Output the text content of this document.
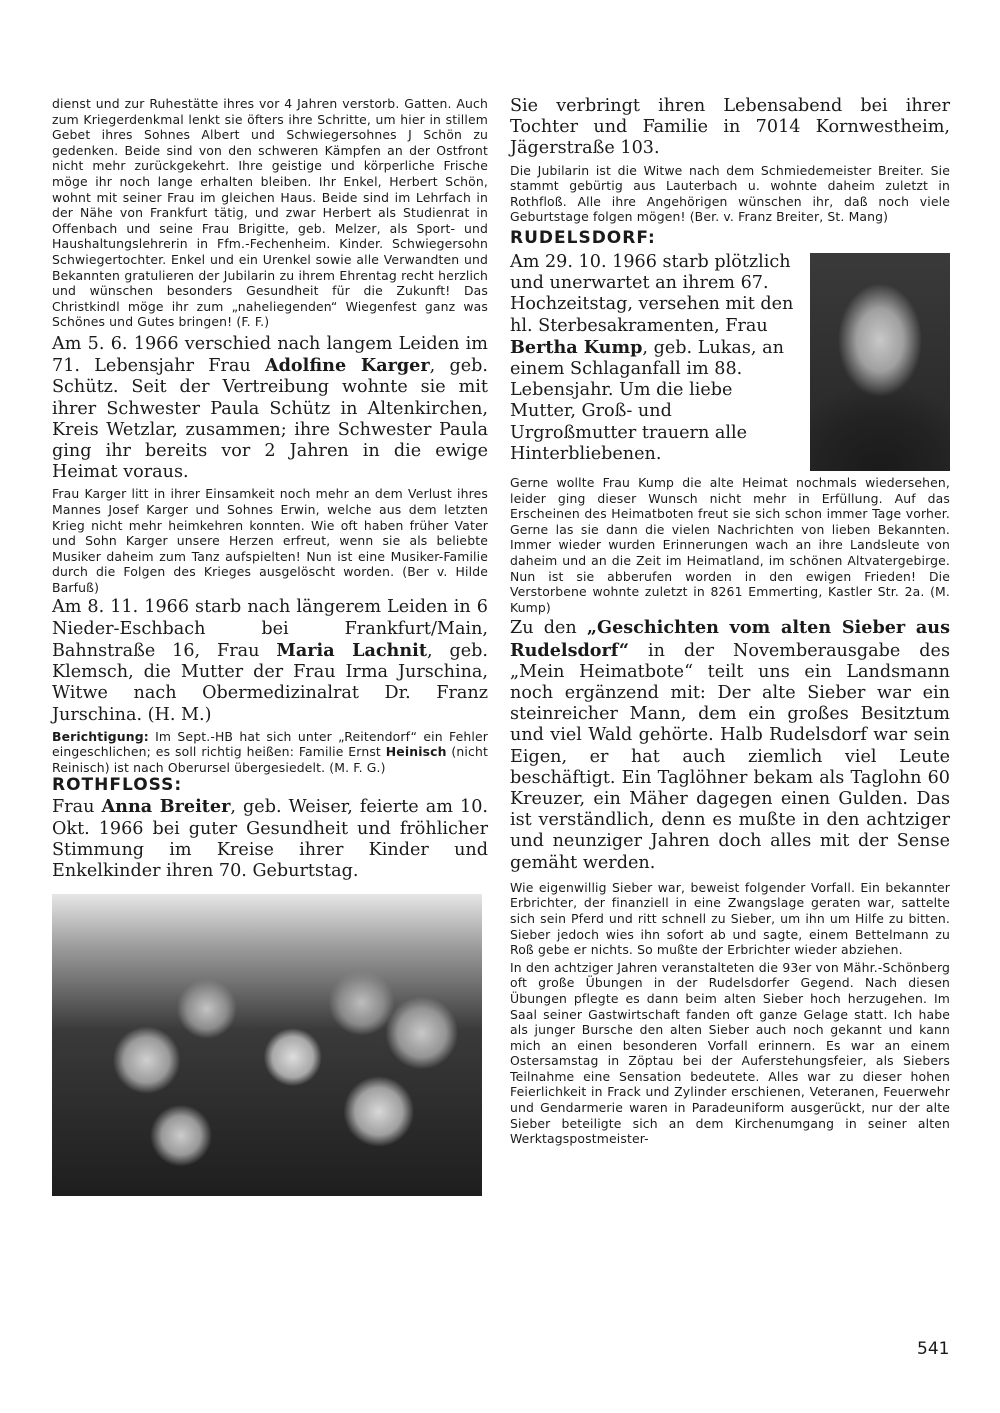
dienst und zur Ruhestätte ihres vor 4 Jahren verstorb. Gatten. Auch zum Kriegerdenkmal lenkt sie öfters ihre Schritte, um hier in stillem Gebet ihres Sohnes Albert und Schwiegersohnes J Schön zu gedenken. Beide sind von den schweren Kämpfen an der Ostfront nicht mehr zurückgekehrt. Ihre geistige und körperliche Frische möge ihr noch lange erhalten bleiben. Ihr Enkel, Herbert Schön, wohnt mit seiner Frau im gleichen Haus. Beide sind im Lehrfach in der Nähe von Frankfurt tätig, und zwar Herbert als Studienrat in Offenbach und seine Frau Brigitte, geb. Melzer, als Sport- und Haushaltungslehrerin in Ffm.-Fechenheim. Kinder. Schwiegersohn Schwiegertochter. Enkel und ein Urenkel sowie alle Verwandten und Bekannten gratulieren der Jubilarin zu ihrem Ehrentag recht herzlich und wünschen besonders Gesundheit für die Zukunft! Das Christkindl möge ihr zum „naheliegenden“ Wiegenfest ganz was Schönes und Gutes bringen! (F. F.)

Am 5. 6. 1966 verschied nach langem Leiden im 71. Lebensjahr Frau Adolfine Karger, geb. Schütz. Seit der Vertreibung wohnte sie mit ihrer Schwester Paula Schütz in Altenkirchen, Kreis Wetzlar, zusammen; ihre Schwester Paula ging ihr bereits vor 2 Jahren in die ewige Heimat voraus.

Frau Karger litt in ihrer Einsamkeit noch mehr an dem Verlust ihres Mannes Josef Karger und Sohnes Erwin, welche aus dem letzten Krieg nicht mehr heimkehren konnten. Wie oft haben früher Vater und Sohn Karger unsere Herzen erfreut, wenn sie als beliebte Musiker daheim zum Tanz aufspielten! Nun ist eine Musiker-Familie durch die Folgen des Krieges ausgelöscht worden. (Ber v. Hilde Barfuß)

Am 8. 11. 1966 starb nach längerem Leiden in 6 Nieder-Eschbach bei Frankfurt/Main, Bahnstraße 16, Frau Maria Lachnit, geb. Klemsch, die Mutter der Frau Irma Jurschina, Witwe nach Obermedizinalrat Dr. Franz Jurschina. (H. M.)

Berichtigung: Im Sept.-HB hat sich unter „Reitendorf“ ein Fehler eingeschlichen; es soll richtig heißen: Familie Ernst Heinisch (nicht Reinisch) ist nach Oberursel übergesiedelt. (M. F. G.)

ROTHFLOSS:

Frau Anna Breiter, geb. Weiser, feierte am 10. Okt. 1966 bei guter Gesundheit und fröhlicher Stimmung im Kreise ihrer Kinder und Enkelkinder ihren 70. Geburtstag.

Sie verbringt ihren Lebensabend bei ihrer Tochter und Familie in 7014 Kornwestheim, Jägerstraße 103.

Die Jubilarin ist die Witwe nach dem Schmiedemeister Breiter. Sie stammt gebürtig aus Lauterbach u. wohnte daheim zuletzt in Rothfloß. Alle ihre Angehörigen wünschen ihr, daß noch viele Geburtstage folgen mögen! (Ber. v. Franz Breiter, St. Mang)

RUDELSDORF:

Am 29. 10. 1966 starb plötzlich und unerwartet an ihrem 67. Hochzeitstag, versehen mit den hl. Sterbesakramenten, Frau Bertha Kump, geb. Lukas, an einem Schlaganfall im 88. Lebensjahr. Um die liebe Mutter, Groß- und Urgroßmutter trauern alle Hinterbliebenen.

Gerne wollte Frau Kump die alte Heimat nochmals wiedersehen, leider ging dieser Wunsch nicht mehr in Erfüllung. Auf das Erscheinen des Heimatboten freut sie sich schon immer Tage vorher. Gerne las sie dann die vielen Nachrichten von lieben Bekannten. Immer wieder wurden Erinnerungen wach an ihre Landsleute von daheim und an die Zeit im Heimatland, im schönen Altvatergebirge. Nun ist sie abberufen worden in den ewigen Frieden! Die Verstorbene wohnte zuletzt in 8261 Emmerting, Kastler Str. 2a. (M. Kump)

Zu den „Geschichten vom alten Sieber aus Rudelsdorf“ in der Novemberausgabe des „Mein Heimatbote“ teilt uns ein Landsmann noch ergänzend mit: Der alte Sieber war ein steinreicher Mann, dem ein großes Besitztum und viel Wald gehörte. Halb Rudelsdorf war sein Eigen, er hat auch ziemlich viel Leute beschäftigt. Ein Taglöhner bekam als Taglohn 60 Kreuzer, ein Mäher dagegen einen Gulden. Das ist verständlich, denn es mußte in den achtziger und neunziger Jahren doch alles mit der Sense gemäht werden.

Wie eigenwillig Sieber war, beweist folgender Vorfall. Ein bekannter Erbrichter, der finanziell in eine Zwangslage geraten war, sattelte sich sein Pferd und ritt schnell zu Sieber, um ihn um Hilfe zu bitten. Sieber jedoch wies ihn sofort ab und sagte, einem Bettelmann zu Roß gebe er nichts. So mußte der Erbrichter wieder abziehen.

In den achtziger Jahren veranstalteten die 93er von Mähr.-Schönberg oft große Übungen in der Rudelsdorfer Gegend. Nach diesen Übungen pflegte es dann beim alten Sieber hoch herzugehen. Im Saal seiner Gastwirtschaft fanden oft ganze Gelage statt. Ich habe als junger Bursche den alten Sieber auch noch gekannt und kann mich an einen besonderen Vorfall erinnern. Es war an einem Ostersamstag in Zöptau bei der Auferstehungsfeier, als Siebers Teilnahme eine Sensation bedeutete. Alles war zu dieser hohen Feierlichkeit in Frack und Zylinder erschienen, Veteranen, Feuerwehr und Gendarmerie waren in Paradeuniform ausgerückt, nur der alte Sieber beteiligte sich an dem Kirchenumgang in seiner alten Werktagspostmeister-

541
